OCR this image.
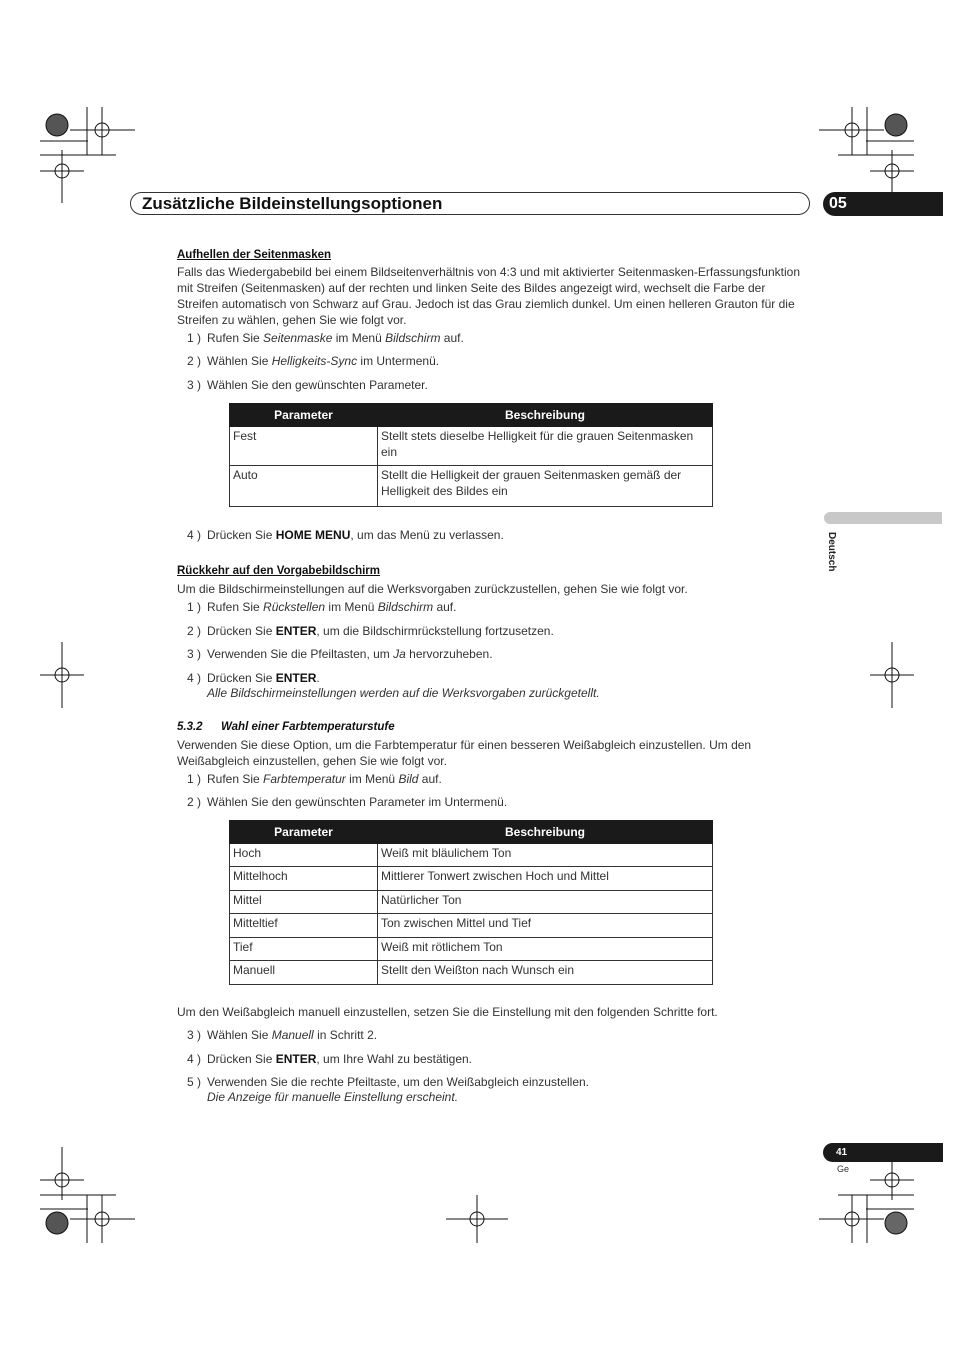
Zusätzliche Bildeinstellungsoptionen	05
Deutsch
Aufhellen der Seitenmasken
Falls das Wiedergabebild bei einem Bildseitenverhältnis von 4:3 und mit aktivierter Seitenmasken-Erfassungsfunktion mit Streifen (Seitenmasken) auf der rechten und linken Seite des Bildes angezeigt wird, wechselt die Farbe der Streifen automatisch von Schwarz auf Grau. Jedoch ist das Grau ziemlich dunkel. Um einen helleren Grauton für die Streifen zu wählen, gehen Sie wie folgt vor.
1 ) Rufen Sie Seitenmaske im Menü Bildschirm auf.
2 ) Wählen Sie Helligkeits-Sync im Untermenü.
3 ) Wählen Sie den gewünschten Parameter.
Parameter	Beschreibung
Fest	Stellt stets dieselbe Helligkeit für die grauen Seitenmasken ein
Auto	Stellt die Helligkeit der grauen Seitenmasken gemäß der Helligkeit des Bildes ein
4 ) Drücken Sie HOME MENU, um das Menü zu verlassen.
Rückkehr auf den Vorgabebildschirm
Um die Bildschirmeinstellungen auf die Werksvorgaben zurückzustellen, gehen Sie wie folgt vor.
1 ) Rufen Sie Rückstellen im Menü Bildschirm auf.
2 ) Drücken Sie ENTER, um die Bildschirmrückstellung fortzusetzen.
3 ) Verwenden Sie die Pfeiltasten, um Ja hervorzuheben.
4 ) Drücken Sie ENTER.
Alle Bildschirmeinstellungen werden auf die Werksvorgaben zurückgetellt.
5.3.2 Wahl einer Farbtemperaturstufe
Verwenden Sie diese Option, um die Farbtemperatur für einen besseren Weißabgleich einzustellen. Um den Weißabgleich einzustellen, gehen Sie wie folgt vor.
1 ) Rufen Sie Farbtemperatur im Menü Bild auf.
2 ) Wählen Sie den gewünschten Parameter im Untermenü.
Parameter	Beschreibung
Hoch	Weiß mit bläulichem Ton
Mittelhoch	Mittlerer Tonwert zwischen Hoch und Mittel
Mittel	Natürlicher Ton
Mitteltief	Ton zwischen Mittel und Tief
Tief	Weiß mit rötlichem Ton
Manuell	Stellt den Weißton nach Wunsch ein
Um den Weißabgleich manuell einzustellen, setzen Sie die Einstellung mit den folgenden Schritte fort.
3 ) Wählen Sie Manuell in Schritt 2.
4 ) Drücken Sie ENTER, um Ihre Wahl zu bestätigen.
5 ) Verwenden Sie die rechte Pfeiltaste, um den Weißabgleich einzustellen.
Die Anzeige für manuelle Einstellung erscheint.
41
Ge
